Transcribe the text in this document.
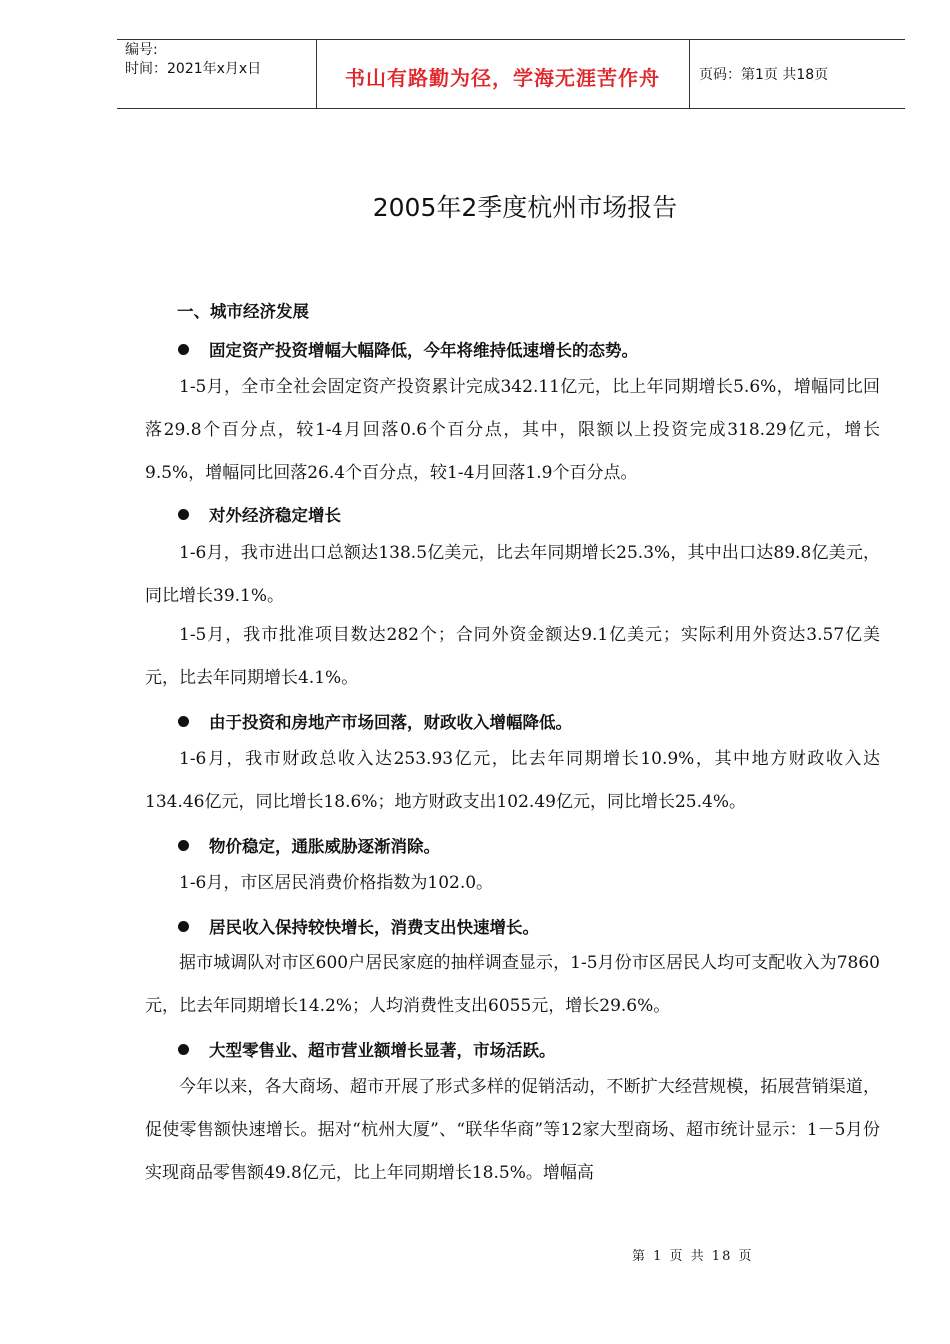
编号:
时间：2021年x月x日	书山有路勤为径，学海无涯苦作舟	页码：第1页 共18页
2005年2季度杭州市场报告
一、城市经济发展
固定资产投资增幅大幅降低，今年将维持低速增长的态势。
1-5月，全市全社会固定资产投资累计完成342.11亿元，比上年同期增长5.6%，增幅同比回落29.8个百分点，较1-4月回落0.6个百分点，其中，限额以上投资完成318.29亿元，增长9.5%，增幅同比回落26.4个百分点，较1-4月回落1.9个百分点。
对外经济稳定增长
1-6月，我市进出口总额达138.5亿美元，比去年同期增长25.3%，其中出口达89.8亿美元，同比增长39.1%。
1-5月，我市批准项目数达282个；合同外资金额达9.1亿美元；实际利用外资达3.57亿美元，比去年同期增长4.1%。
由于投资和房地产市场回落，财政收入增幅降低。
1-6月，我市财政总收入达253.93亿元，比去年同期增长10.9%，其中地方财政收入达134.46亿元，同比增长18.6%；地方财政支出102.49亿元，同比增长25.4%。
物价稳定，通胀威胁逐渐消除。
1-6月，市区居民消费价格指数为102.0。
居民收入保持较快增长，消费支出快速增长。
据市城调队对市区600户居民家庭的抽样调查显示，1-5月份市区居民人均可支配收入为7860元，比去年同期增长14.2%；人均消费性支出6055元，增长29.6%。
大型零售业、超市营业额增长显著，市场活跃。
今年以来，各大商场、超市开展了形式多样的促销活动，不断扩大经营规模，拓展营销渠道，促使零售额快速增长。据对“杭州大厦”、“联华华商”等12家大型商场、超市统计显示：1－5月份实现商品零售额49.8亿元，比上年同期增长18.5%。增幅高
第 1 页 共 18 页
